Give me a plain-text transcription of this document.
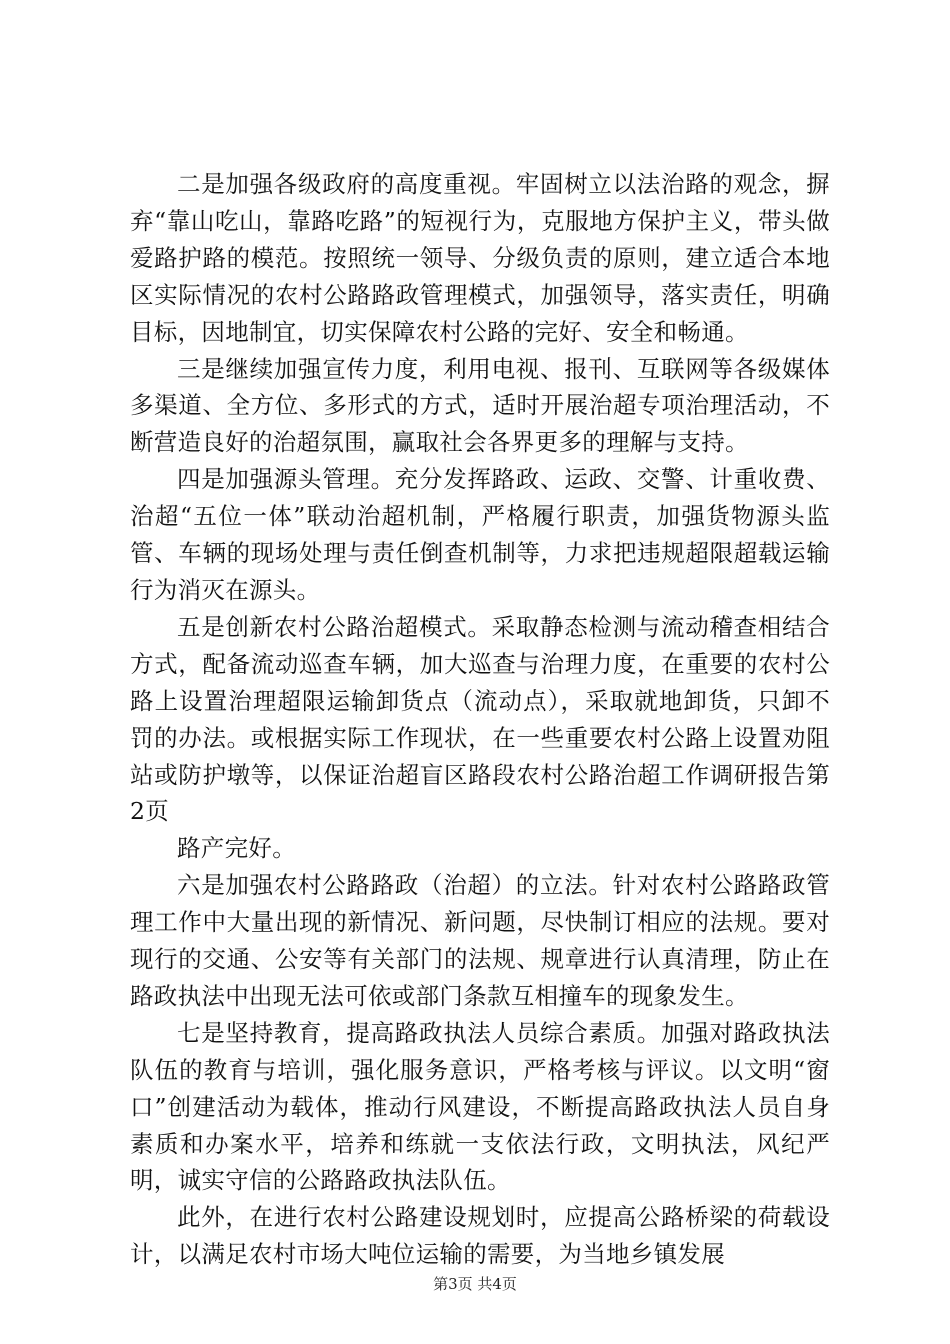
二是加强各级政府的高度重视。牢固树立以法治路的观念，摒弃“靠山吃山，靠路吃路”的短视行为，克服地方保护主义，带头做爱路护路的模范。按照统一领导、分级负责的原则，建立适合本地区实际情况的农村公路路政管理模式，加强领导，落实责任，明确目标，因地制宜，切实保障农村公路的完好、安全和畅通。

三是继续加强宣传力度，利用电视、报刊、互联网等各级媒体多渠道、全方位、多形式的方式，适时开展治超专项治理活动，不断营造良好的治超氛围，赢取社会各界更多的理解与支持。

四是加强源头管理。充分发挥路政、运政、交警、计重收费、治超“五位一体”联动治超机制，严格履行职责，加强货物源头监管、车辆的现场处理与责任倒查机制等，力求把违规超限超载运输行为消灭在源头。

五是创新农村公路治超模式。采取静态检测与流动稽查相结合方式，配备流动巡查车辆，加大巡查与治理力度，在重要的农村公路上设置治理超限运输卸货点（流动点），采取就地卸货，只卸不罚的办法。或根据实际工作现状，在一些重要农村公路上设置劝阻站或防护墩等，以保证治超盲区路段农村公路治超工作调研报告第2页

路产完好。

六是加强农村公路路政（治超）的立法。针对农村公路路政管理工作中大量出现的新情况、新问题，尽快制订相应的法规。要对现行的交通、公安等有关部门的法规、规章进行认真清理，防止在路政执法中出现无法可依或部门条款互相撞车的现象发生。

七是坚持教育，提高路政执法人员综合素质。加强对路政执法队伍的教育与培训，强化服务意识，严格考核与评议。以文明“窗口”创建活动为载体，推动行风建设，不断提高路政执法人员自身素质和办案水平，培养和练就一支依法行政，文明执法，风纪严明，诚实守信的公路路政执法队伍。

此外，在进行农村公路建设规划时，应提高公路桥梁的荷载设计，以满足农村市场大吨位运输的需要，为当地乡镇发展

第3页 共4页
